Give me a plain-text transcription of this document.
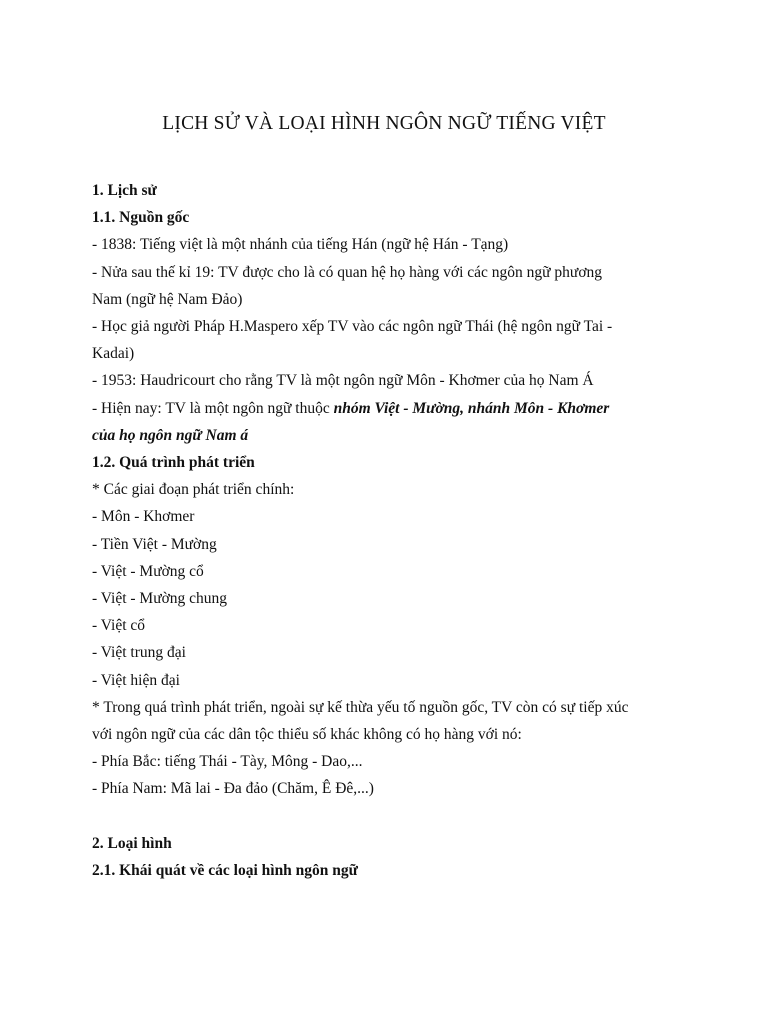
LỊCH SỬ VÀ LOẠI HÌNH NGÔN NGỮ TIẾNG VIỆT

1. Lịch sử

1.1. Nguồn gốc

- 1838: Tiếng việt là một nhánh của tiếng Hán (ngữ hệ Hán - Tạng)

- Nửa sau thế kỉ 19: TV được cho là có quan hệ họ hàng với các ngôn ngữ phương

Nam (ngữ hệ Nam Đảo)

- Học giả người Pháp H.Maspero xếp TV vào các ngôn ngữ Thái (hệ ngôn ngữ Tai -

Kadai)

- 1953: Haudricourt cho rằng TV là một ngôn ngữ Môn - Khơmer của họ Nam Á

- Hiện nay: TV là một ngôn ngữ thuộc nhóm Việt - Mường, nhánh Môn - Khơmer

của họ ngôn ngữ Nam á

1.2. Quá trình phát triển

* Các giai đoạn phát triển chính:

- Môn - Khơmer

- Tiền Việt - Mường

- Việt - Mường cổ

- Việt - Mường chung

- Việt cổ

- Việt trung đại

- Việt hiện đại

* Trong quá trình phát triển, ngoài sự kế thừa yếu tố nguồn gốc, TV còn có sự tiếp xúc

với ngôn ngữ của các dân tộc thiểu số khác không có họ hàng với nó:

- Phía Bắc: tiếng Thái - Tày, Mông - Dao,...

- Phía Nam: Mã lai - Đa đảo (Chăm, Ê Đê,...)

2. Loại hình

2.1. Khái quát về các loại hình ngôn ngữ
